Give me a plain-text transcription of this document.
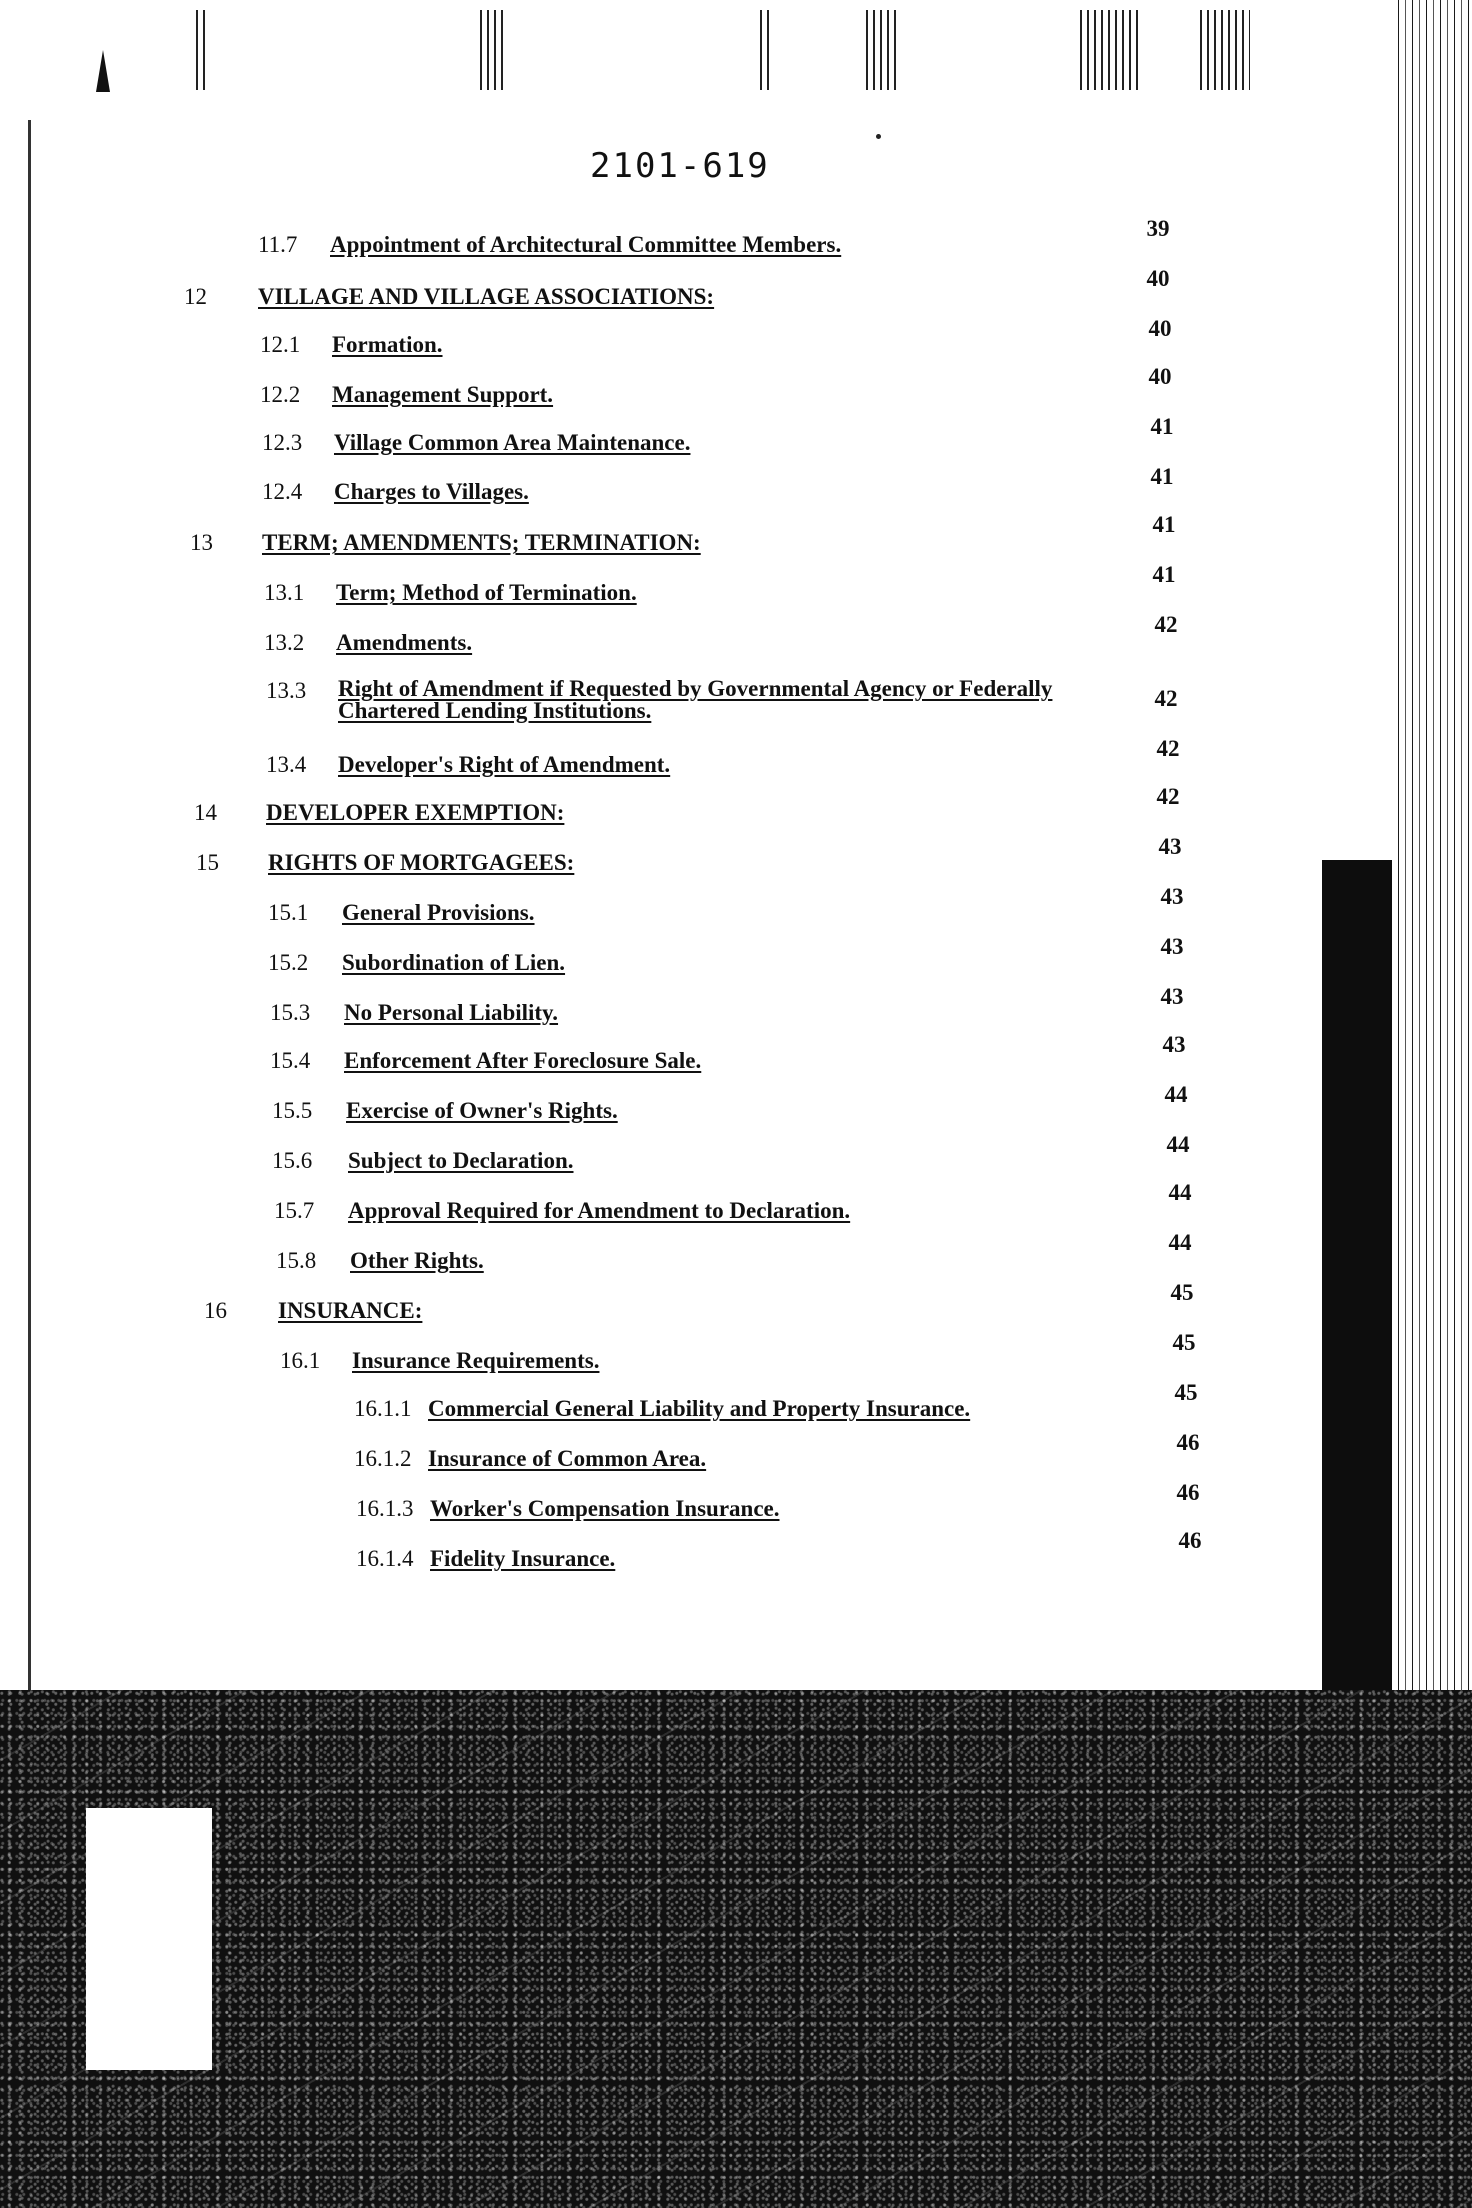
2101-619
11.7 Appointment of Architectural Committee Members.
39
12 VILLAGE AND VILLAGE ASSOCIATIONS:
40
12.1 Formation.
40
12.2 Management Support.
40
12.3 Village Common Area Maintenance.
41
12.4 Charges to Villages.
41
13 TERM; AMENDMENTS; TERMINATION:
41
13.1 Term; Method of Termination.
41
13.2 Amendments.
42
13.3 Right of Amendment if Requested by Governmental Agency or Federally Chartered Lending Institutions.	42
13.4 Developer's Right of Amendment.
42
14 DEVELOPER EXEMPTION:
42
15 RIGHTS OF MORTGAGEES:
43
15.1 General Provisions.
43
15.2 Subordination of Lien.
43
15.3 No Personal Liability.
43
15.4 Enforcement After Foreclosure Sale.
43
15.5 Exercise of Owner's Rights.
44
15.6 Subject to Declaration.
44
15.7 Approval Required for Amendment to Declaration.
44
15.8 Other Rights.
44
16 INSURANCE:
45
16.1 Insurance Requirements.
45
16.1.1 Commercial General Liability and Property Insurance.
45
16.1.2 Insurance of Common Area.
46
16.1.3 Worker's Compensation Insurance.
46
16.1.4 Fidelity Insurance.
46
